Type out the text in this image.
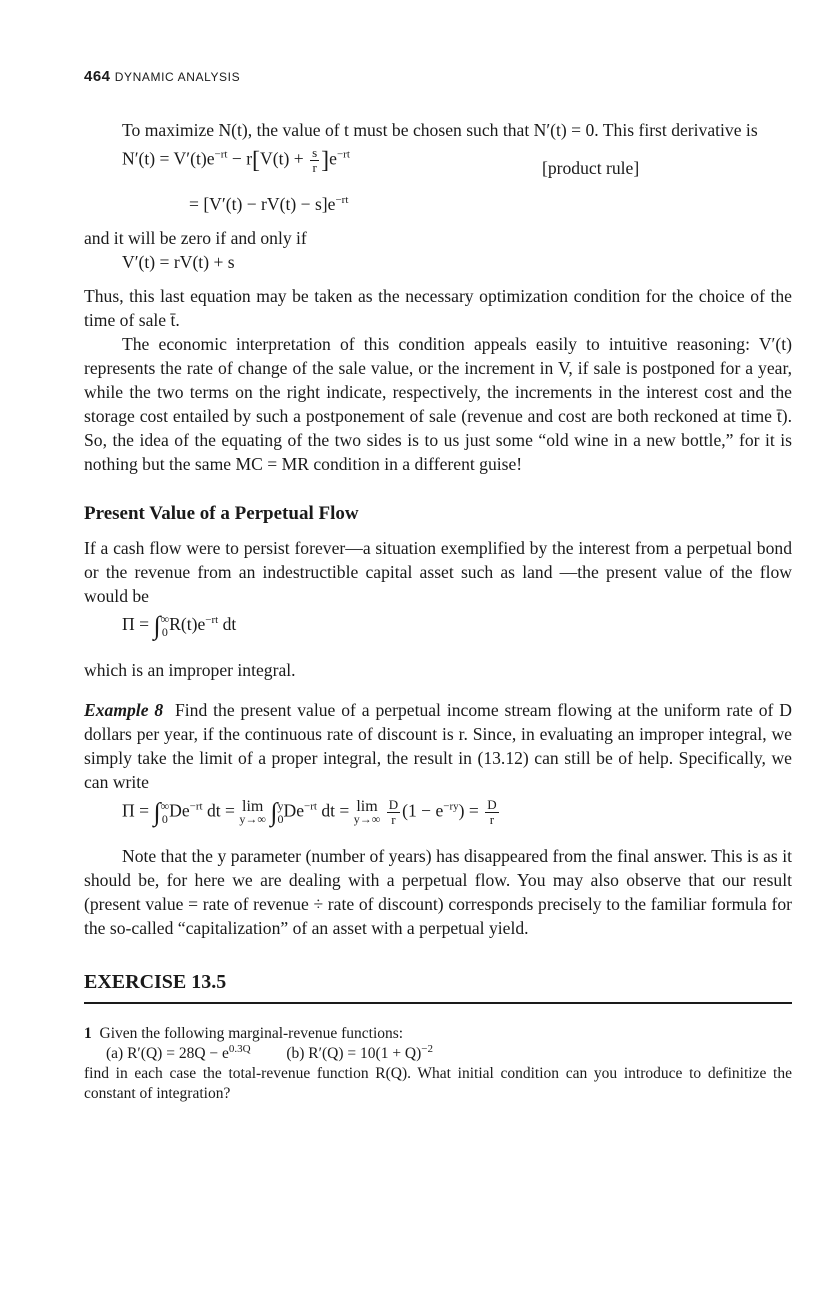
464 DYNAMIC ANALYSIS

To maximize N(t), the value of t must be chosen such that N′(t) = 0. This first derivative is

$N'(t) = V'(t)e^{-rt} - r[V(t) + \frac{s}{r} ]e^{-rt}$
[product rule]
= $[V'(t) - rV(t) - s]e^{-rt}$

and it will be zero if and only if

V′(t) = rV(t) + s

Thus, this last equation may be taken as the necessary optimization condition for the choice of the time of sale t̄.

The economic interpretation of this condition appeals easily to intuitive reasoning: V′(t) represents the rate of change of the sale value, or the increment in V, if sale is postponed for a year, while the two terms on the right indicate, respectively, the increments in the interest cost and the storage cost entailed by such a postponement of sale (revenue and cost are both reckoned at time t̄). So, the idea of the equating of the two sides is to us just some “old wine in a new bottle,” for it is nothing but the same MC = MR condition in a different guise!

Present Value of a Perpetual Flow

If a cash flow were to persist forever—a situation exemplified by the interest from a perpetual bond or the revenue from an indestructible capital asset such as land —the present value of the flow would be

Π = ∫ ∞
0 $R(t)e^{-rt}$ dt

which is an improper integral.

Example 8 Find the present value of a perpetual income stream flowing at the uniform rate of D dollars per year, if the continuous rate of discount is r. Since, in evaluating an improper integral, we simply take the limit of a proper integral, the result in (13.12) can still be of help. Specifically, we can write

Π = ∫ ∞
0 $De^{-rt}$ dt = lim
y→∞ ∫ y
0 $De^{-rt}$ dt = lim
y→∞
$\frac{D}{r} (1 - e^{-ry}) = \frac{D}{r}$

Note that the y parameter (number of years) has disappeared from the final answer. This is as it should be, for here we are dealing with a perpetual flow. You may also observe that our result (present value = rate of revenue ÷ rate of discount) corresponds precisely to the familiar formula for the so-called “capitalization” of an asset with a perpetual yield.

EXERCISE 13.5
1 Given the following marginal-revenue functions:
(a) $R'(Q) = 28Q - e^{0.3Q}$ (b) $R'(Q) = 10(1 + Q)^{-2}$

find in each case the total-revenue function R(Q). What initial condition can you introduce to definitize the constant of integration?
